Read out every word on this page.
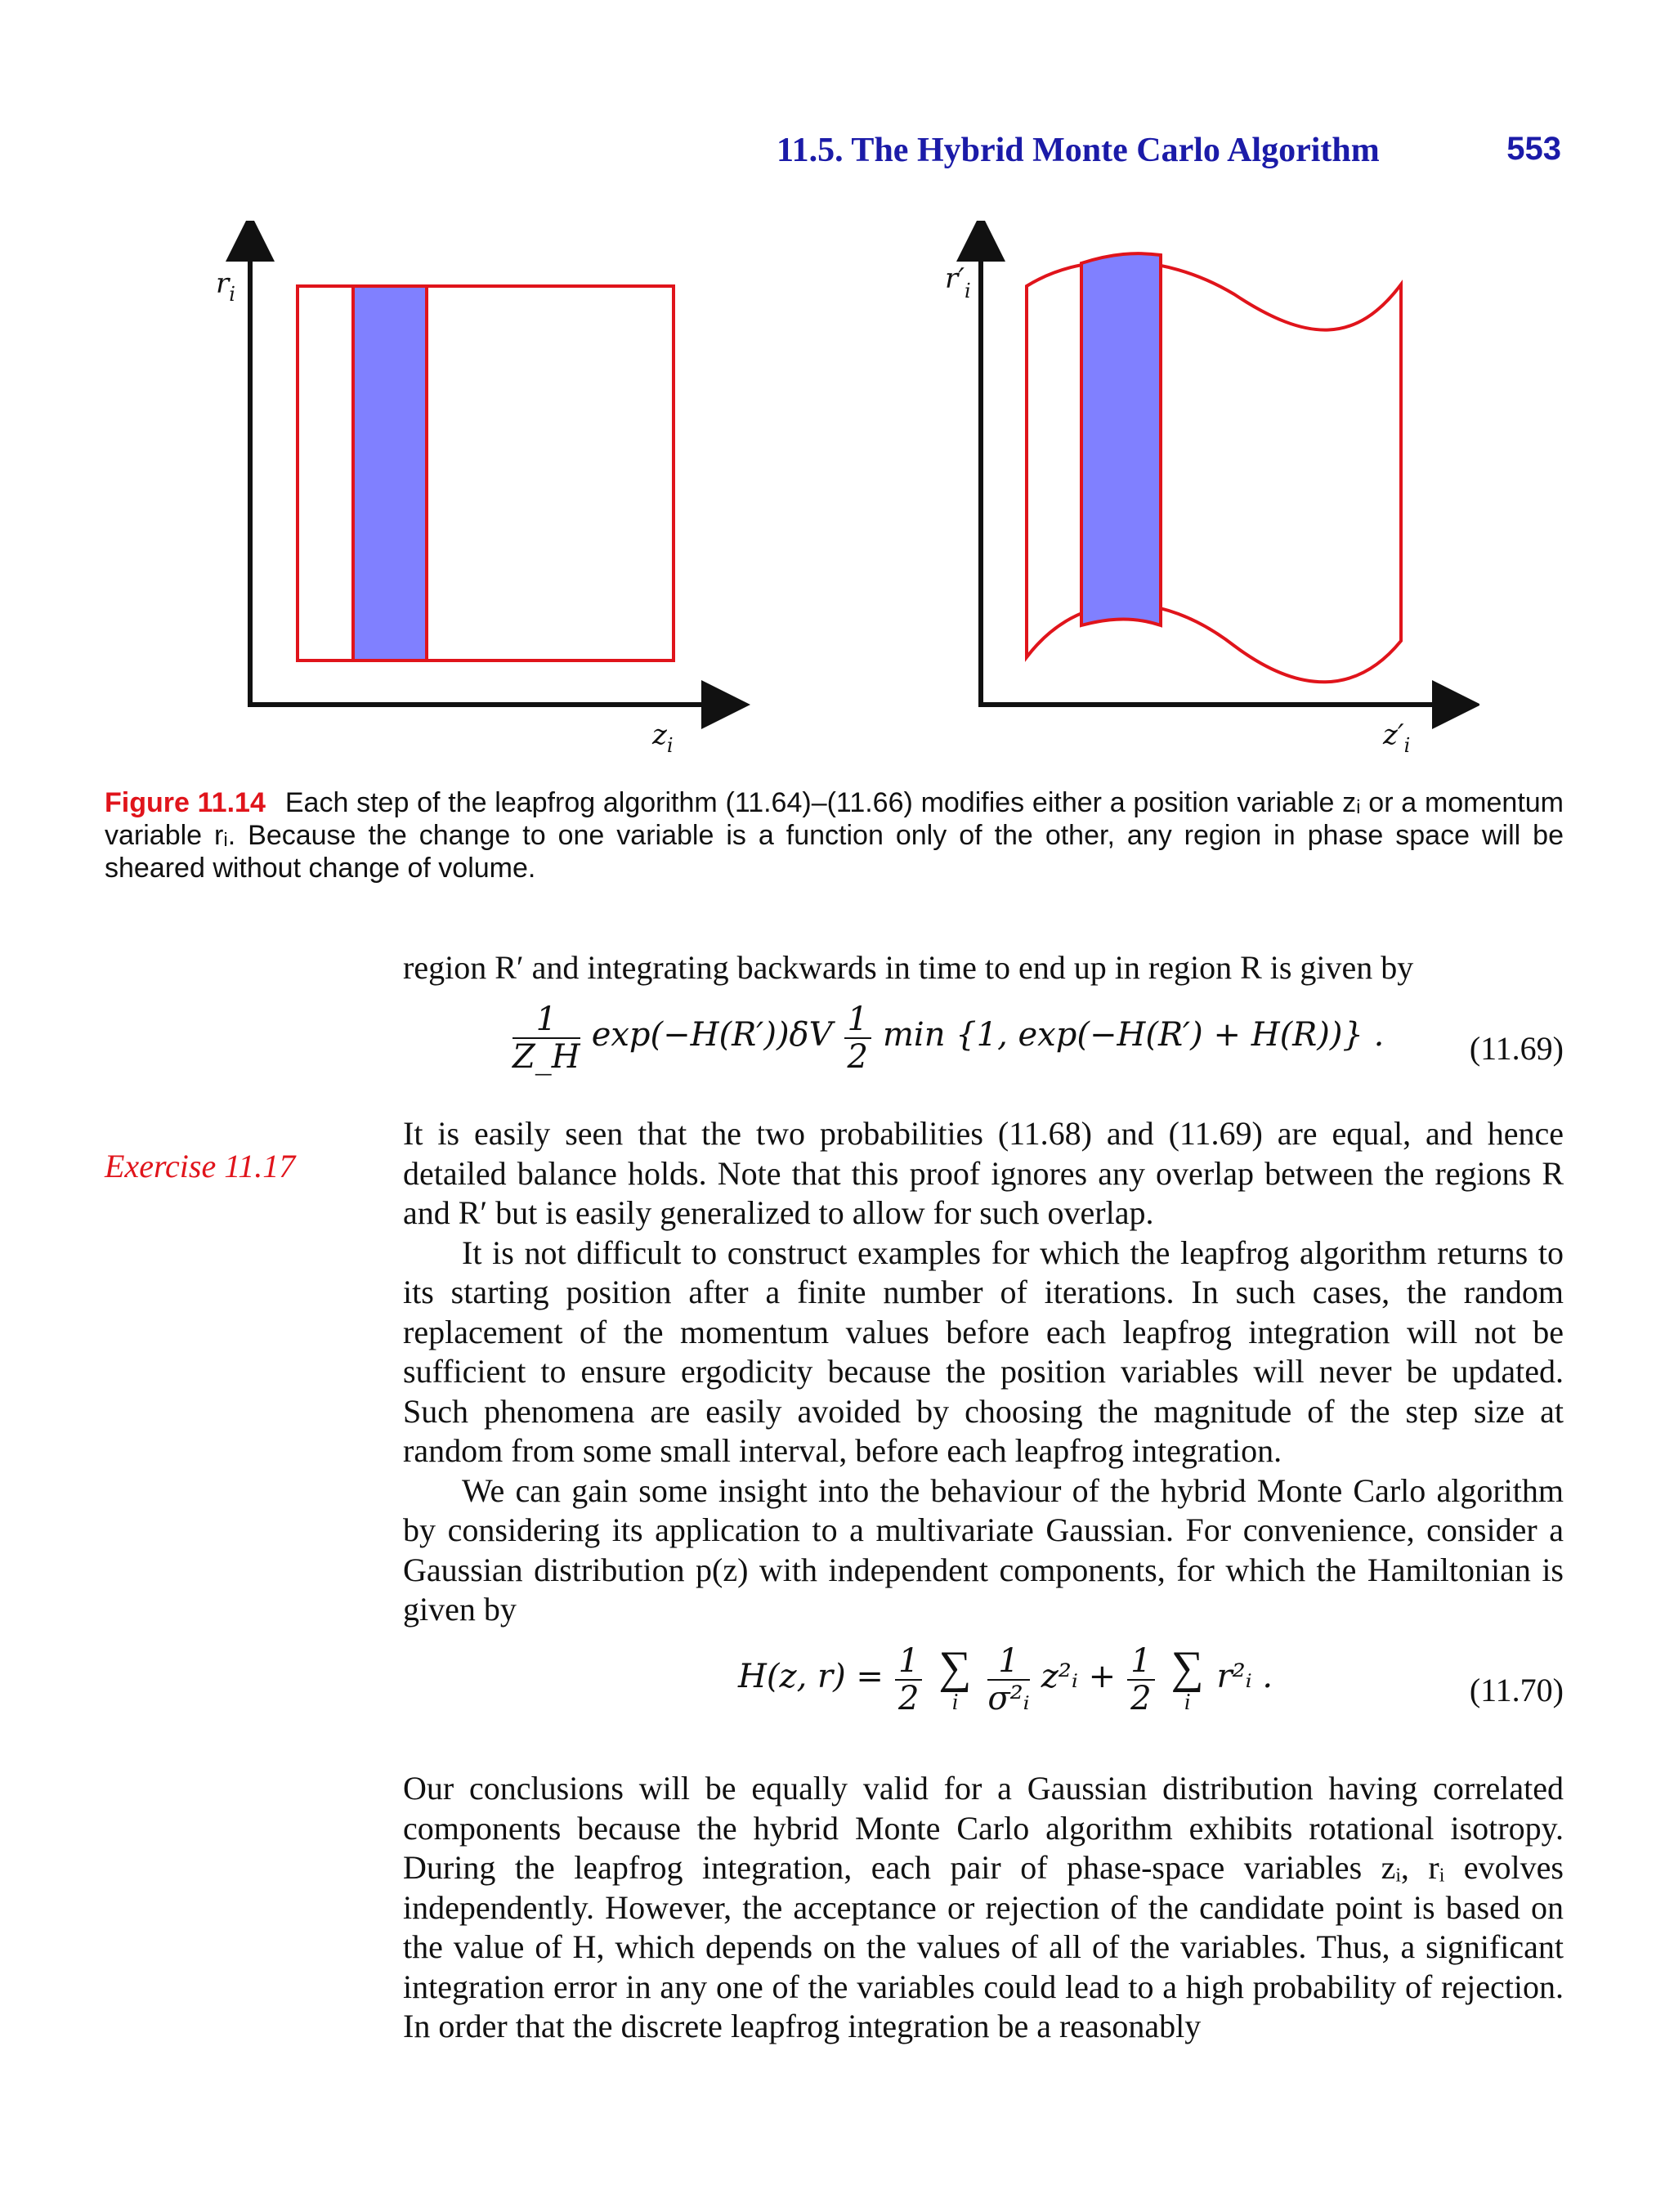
11.5. The Hybrid Monte Carlo Algorithm	553
$r_i$
$z_i$
$r'_i$
$z'_i$
Figure 11.14 Each step of the leapfrog algorithm (11.64)–(11.66) modifies either a position variable zᵢ or a momentum variable rᵢ. Because the change to one variable is a function only of the other, any region in phase space will be sheared without change of volume.

region R′ and integrating backwards in time to end up in region R is given by

$\frac{1}{Z\_H} \exp(-H(R'))\delta V \frac{1}{2}$ min {1, exp(−H(R′) + H(R))} .	(11.69)
Exercise 11.17

It is easily seen that the two probabilities (11.68) and (11.69) are equal, and hence detailed balance holds. Note that this proof ignores any overlap between the regions R and R′ but is easily generalized to allow for such overlap.

It is not difficult to construct examples for which the leapfrog algorithm returns to its starting position after a finite number of iterations. In such cases, the random replacement of the momentum values before each leapfrog integration will not be sufficient to ensure ergodicity because the position variables will never be updated. Such phenomena are easily avoided by choosing the magnitude of the step size at random from some small interval, before each leapfrog integration.

We can gain some insight into the behaviour of the hybrid Monte Carlo algorithm by considering its application to a multivariate Gaussian. For convenience, consider a Gaussian distribution p(z) with independent components, for which the Hamiltonian is given by

H(z, $r) = \frac{1}{2}$
∑
i
$\frac{1}{\text{σ²ᵢ}}$ z²ᵢ + $\frac{1}{2}$
∑
i
r²ᵢ .	(11.70)

Our conclusions will be equally valid for a Gaussian distribution having correlated components because the hybrid Monte Carlo algorithm exhibits rotational isotropy. During the leapfrog integration, each pair of phase-space variables zᵢ, rᵢ evolves independently. However, the acceptance or rejection of the candidate point is based on the value of H, which depends on the values of all of the variables. Thus, a significant integration error in any one of the variables could lead to a high probability of rejection. In order that the discrete leapfrog integration be a reasonably
